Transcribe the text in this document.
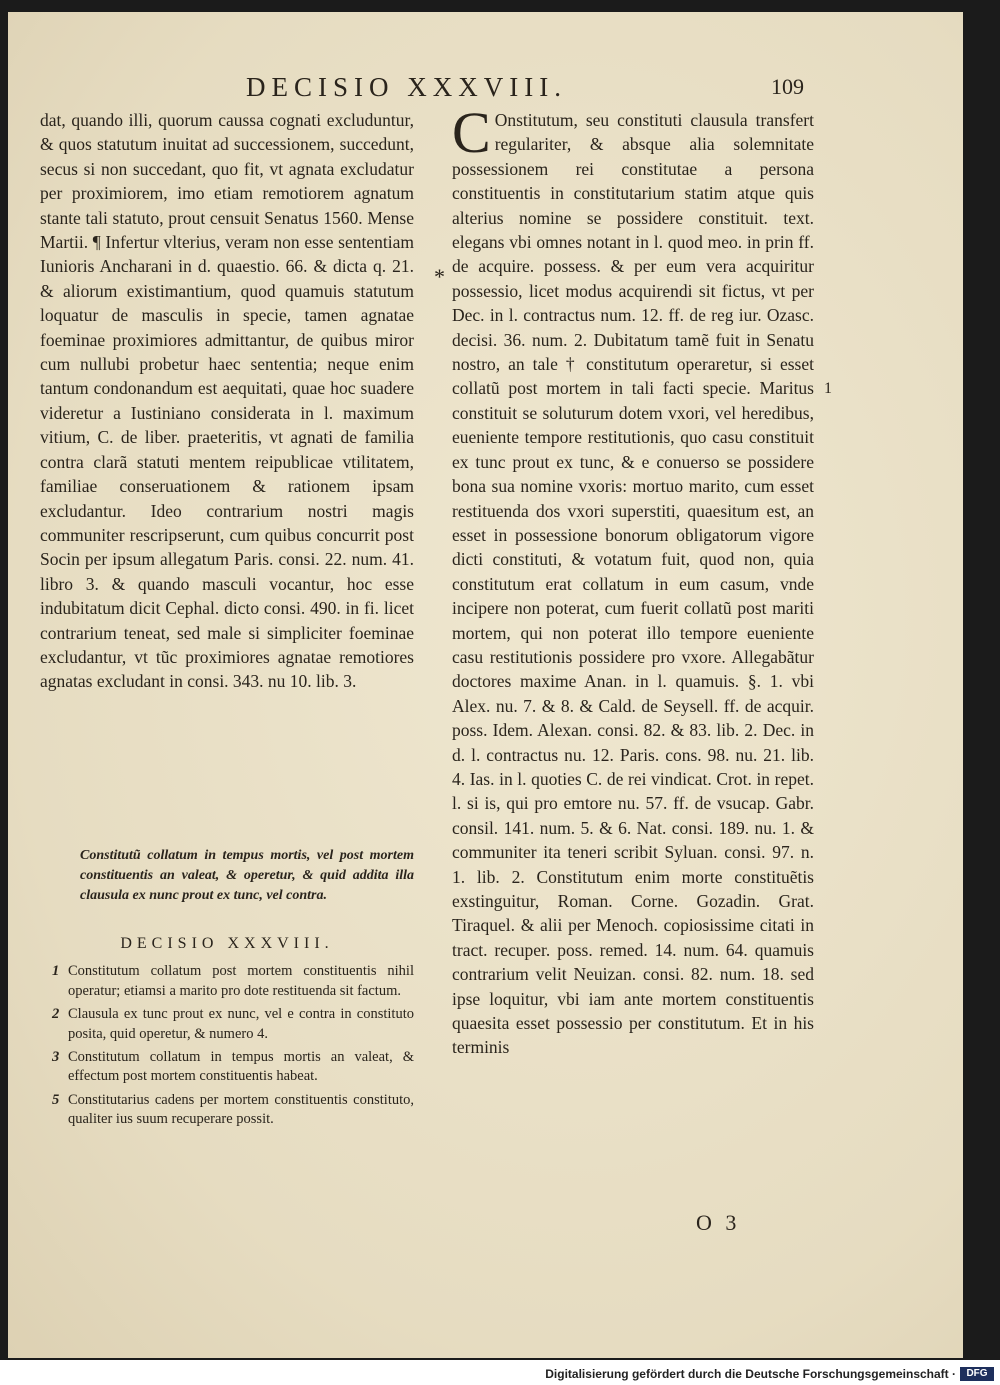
DECISIO XXXVIII.	109

dat, quando illi, quorum caussa cognati excluduntur, & quos statutum inuitat ad successionem, succedunt, secus si non succedant, quo fit, vt agnata excludatur per proximiorem, imo etiam remotiorem agnatum stante tali statuto, prout censuit Senatus 1560. Mense Martii. ¶ Infertur vlterius, veram non esse sententiam Iunioris Ancharani in d. quaestio. 66. & dicta q. 21. & aliorum existimantium, quod quamuis statutum loquatur de masculis in specie, tamen agnatae foeminae proximiores admittantur, de quibus miror cum nullubi probetur haec sententia; neque enim tantum condonandum est aequitati, quae hoc suadere videretur a Iustiniano considerata in l. maximum vitium, C. de liber. praeteritis, vt agnati de familia contra clarã statuti mentem reipublicae vtilitatem, familiae conseruationem & rationem ipsam excludantur. Ideo contrarium nostri magis communiter rescripserunt, cum quibus concurrit post Socin per ipsum allegatum Paris. consi. 22. num. 41. libro 3. & quando masculi vocantur, hoc esse indubitatum dicit Cephal. dicto consi. 490. in fi. licet contrarium teneat, sed male si simpliciter foeminae excludantur, vt tũc proximiores agnatae remotiores agnatas excludant in consi. 343. nu 10. lib. 3.

Constitutũ collatum in tempus mortis, vel post mortem constituentis an valeat, & operetur, & quid addita illa clausula ex nunc prout ex tunc, vel contra.

DECISIO XXXVIII.
1 Constitutum collatum post mortem constituentis nihil operatur; etiamsi a marito pro dote restituenda sit factum.
2 Clausula ex tunc prout ex nunc, vel e contra in constituto posita, quid operetur, & numero 4.
3 Constitutum collatum in tempus mortis an valeat, & effectum post mortem constituentis habeat.
5 Constitutarius cadens per mortem constituentis constituto, qualiter ius suum recuperare possit.
*
C Onstitutum, seu constituti clausula transfert regulariter, & absque alia solemnitate possessionem rei constitutae a persona constituentis in constitutarium statim atque quis alterius nomine se possidere constituit. text. elegans vbi omnes notant in l. quod meo. in prin ff. de acquire. possess. & per eum vera acquiritur possessio, licet modus acquirendi sit fictus, vt per Dec. in l. contractus num. 12. ff. de reg iur. Ozasc. decisi. 36. num. 2. Dubitatum tamẽ fuit in Senatu nostro, an tale † constitutum operaretur, si esset collatũ post mortem in tali facti specie. Maritus constituit se soluturum dotem vxori, vel heredibus, eueniente tempore restitutionis, quo casu constituit ex tunc prout ex tunc, & e conuerso se possidere bona sua nomine vxoris: mortuo marito, cum esset restituenda dos vxori superstiti, quaesitum est, an esset in possessione bonorum obligatorum vigore dicti constituti, & votatum fuit, quod non, quia constitutum erat collatum in eum casum, vnde incipere non poterat, cum fuerit collatũ post mariti mortem, qui non poterat illo tempore eueniente casu restitutionis possidere pro vxore. Allegabãtur doctores maxime Anan. in l. quamuis. §. 1. vbi Alex. nu. 7. & 8. & Cald. de Seysell. ff. de acquir. poss. Idem. Alexan. consi. 82. & 83. lib. 2. Dec. in d. l. contractus nu. 12. Paris. cons. 98. nu. 21. lib. 4. Ias. in l. quoties C. de rei vindicat. Crot. in repet. l. si is, qui pro emtore nu. 57. ff. de vsucap. Gabr. consil. 141. num. 5. & 6. Nat. consi. 189. nu. 1. & communiter ita teneri scribit Syluan. consi. 97. n. 1. lib. 2. Constitutum enim morte constituẽtis exstinguitur, Roman. Corne. Gozadin. Grat. Tiraquel. & alii per Menoch. copiosissime citati in tract. recuper. poss. remed. 14. num. 64. quamuis contrarium velit Neuizan. consi. 82. num. 18. sed ipse loquitur, vbi iam ante mortem constituentis quaesita esset possessio per constitutum. Et in his terminis
1
O 3
Digitalisierung gefördert durch die Deutsche Forschungsgemeinschaft ·	DFG
